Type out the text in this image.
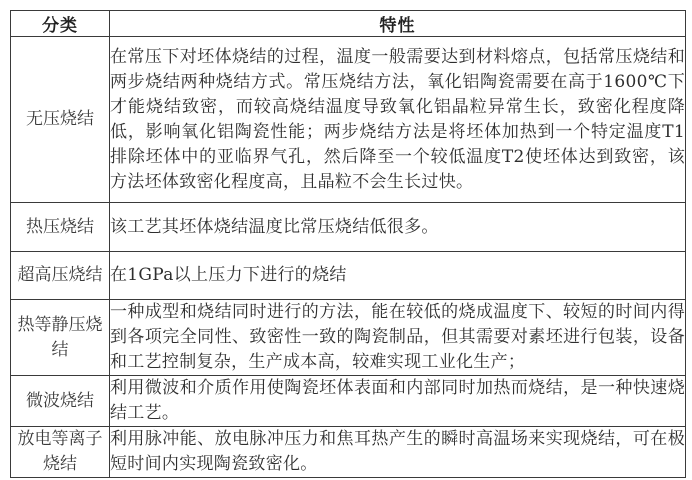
分类	特性
无压烧结	在常压下对坯体烧结的过程，温度一般需要达到材料熔点，包括常压烧结和两步烧结两种烧结方式。常压烧结方法，氧化铝陶瓷需要在高于1600℃下才能烧结致密，而较高烧结温度导致氧化铝晶粒异常生长，致密化程度降低，影响氧化铝陶瓷性能；两步烧结方法是将坯体加热到一个特定温度T1排除坯体中的亚临界气孔，然后降至一个较低温度T2使坯体达到致密，该方法坯体致密化程度高，且晶粒不会生长过快。
热压烧结	该工艺其坯体烧结温度比常压烧结低很多。
超高压烧结	在1GPa以上压力下进行的烧结
热等静压烧结	一种成型和烧结同时进行的方法，能在较低的烧成温度下、较短的时间内得到各项完全同性、致密性一致的陶瓷制品，但其需要对素坯进行包装，设备和工艺控制复杂，生产成本高，较难实现工业化生产；
微波烧结	利用微波和介质作用使陶瓷坯体表面和内部同时加热而烧结，是一种快速烧结工艺。
放电等离子烧结	利用脉冲能、放电脉冲压力和焦耳热产生的瞬时高温场来实现烧结，可在极短时间内实现陶瓷致密化。
